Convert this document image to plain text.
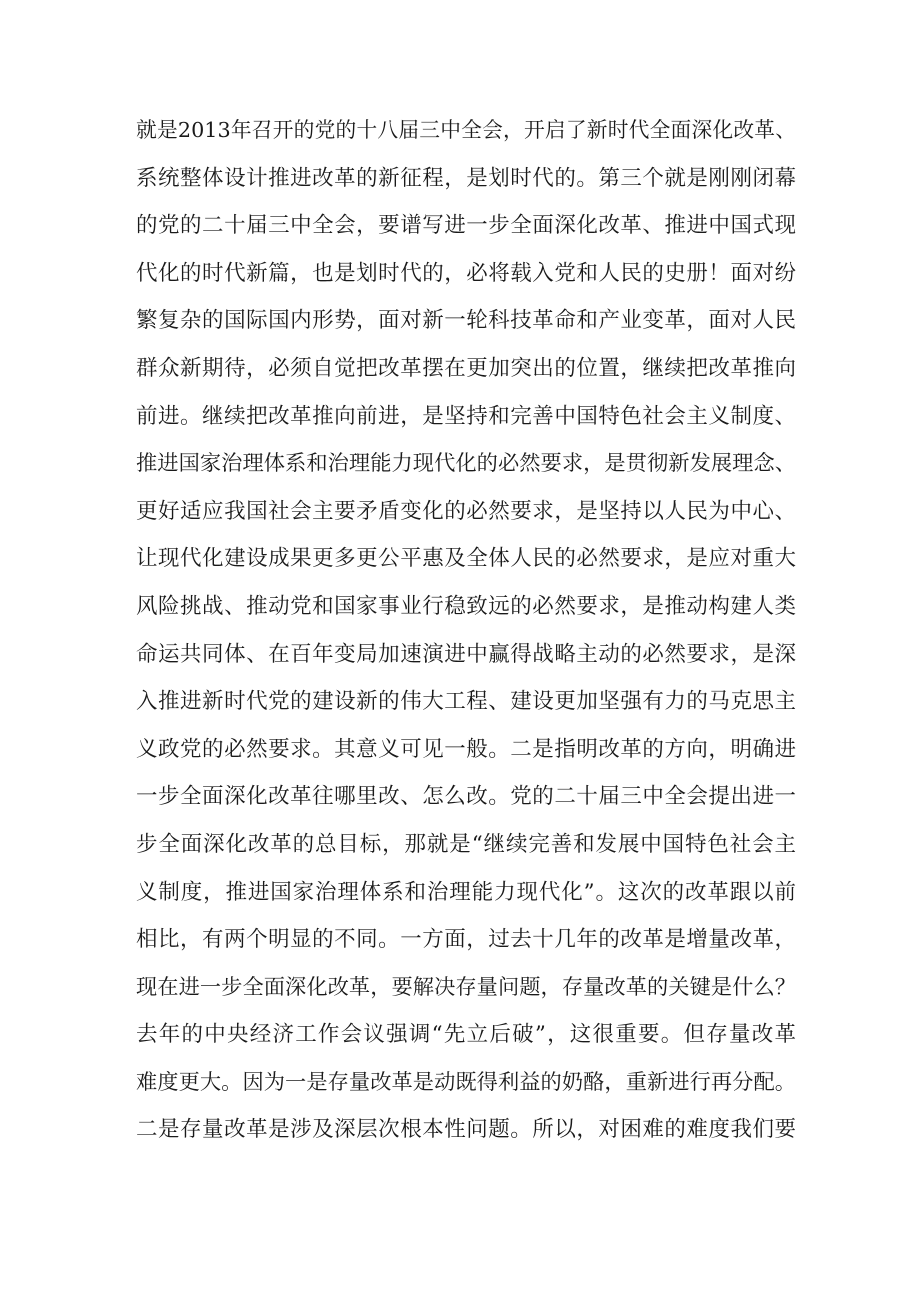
就是2013年召开的党的十八届三中全会，开启了新时代全面深化改革、
系统整体设计推进改革的新征程，是划时代的。第三个就是刚刚闭幕
的党的二十届三中全会，要谱写进一步全面深化改革、推进中国式现
代化的时代新篇，也是划时代的，必将载入党和人民的史册！面对纷
繁复杂的国际国内形势，面对新一轮科技革命和产业变革，面对人民
群众新期待，必须自觉把改革摆在更加突出的位置，继续把改革推向
前进。继续把改革推向前进，是坚持和完善中国特色社会主义制度、
推进国家治理体系和治理能力现代化的必然要求，是贯彻新发展理念、
更好适应我国社会主要矛盾变化的必然要求，是坚持以人民为中心、
让现代化建设成果更多更公平惠及全体人民的必然要求，是应对重大
风险挑战、推动党和国家事业行稳致远的必然要求，是推动构建人类
命运共同体、在百年变局加速演进中赢得战略主动的必然要求，是深
入推进新时代党的建设新的伟大工程、建设更加坚强有力的马克思主
义政党的必然要求。其意义可见一般。二是指明改革的方向，明确进
一步全面深化改革往哪里改、怎么改。党的二十届三中全会提出进一
步全面深化改革的总目标，那就是“继续完善和发展中国特色社会主
义制度，推进国家治理体系和治理能力现代化”。这次的改革跟以前
相比，有两个明显的不同。一方面，过去十几年的改革是增量改革，
现在进一步全面深化改革，要解决存量问题，存量改革的关键是什么？
去年的中央经济工作会议强调“先立后破”，这很重要。但存量改革
难度更大。因为一是存量改革是动既得利益的奶酪，重新进行再分配。
二是存量改革是涉及深层次根本性问题。所以，对困难的难度我们要
